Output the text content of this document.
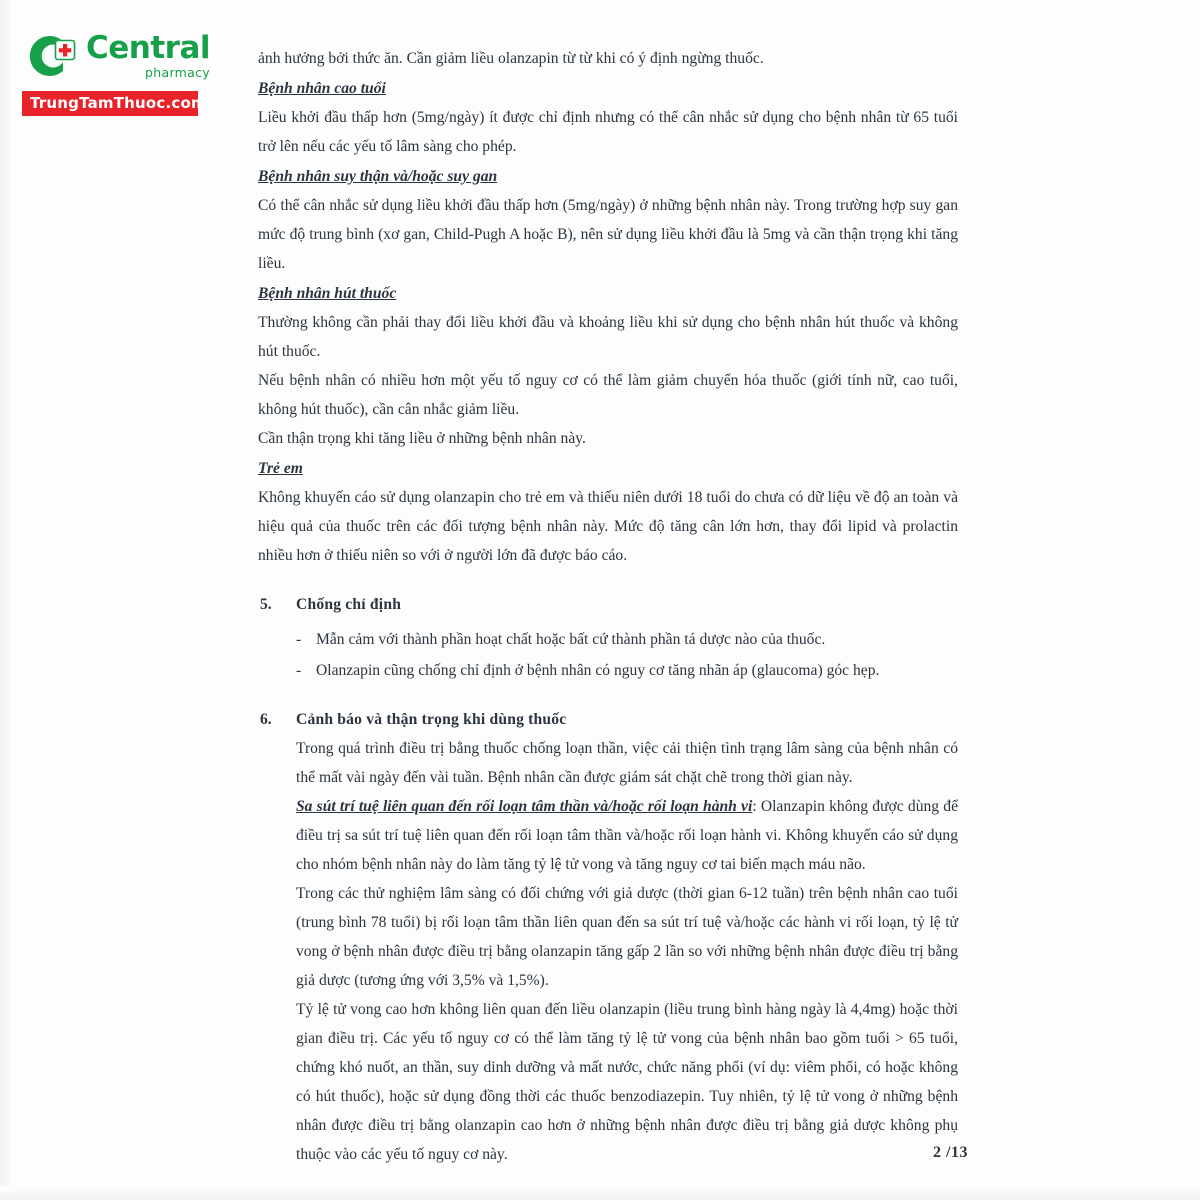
Central
pharmacy
TrungTamThuoc.com

ảnh hưởng bởi thức ăn. Cần giảm liều olanzapin từ từ khi có ý định ngừng thuốc.

Bệnh nhân cao tuổi

Liều khởi đầu thấp hơn (5mg/ngày) ít được chỉ định nhưng có thể cân nhắc sử dụng cho bệnh nhân từ 65 tuổi trở lên nếu các yếu tố lâm sàng cho phép.

Bệnh nhân suy thận và/hoặc suy gan

Có thể cân nhắc sử dụng liều khởi đầu thấp hơn (5mg/ngày) ở những bệnh nhân này. Trong trường hợp suy gan mức độ trung bình (xơ gan, Child-Pugh A hoặc B), nên sử dụng liều khởi đầu là 5mg và cần thận trọng khi tăng liều.

Bệnh nhân hút thuốc

Thường không cần phải thay đổi liều khởi đầu và khoảng liều khi sử dụng cho bệnh nhân hút thuốc và không hút thuốc.

Nếu bệnh nhân có nhiều hơn một yếu tố nguy cơ có thể làm giảm chuyển hóa thuốc (giới tính nữ, cao tuổi, không hút thuốc), cần cân nhắc giảm liều.

Cần thận trọng khi tăng liều ở những bệnh nhân này.

Trẻ em

Không khuyến cáo sử dụng olanzapin cho trẻ em và thiếu niên dưới 18 tuổi do chưa có dữ liệu về độ an toàn và hiệu quả của thuốc trên các đối tượng bệnh nhân này. Mức độ tăng cân lớn hơn, thay đổi lipid và prolactin nhiều hơn ở thiếu niên so với ở người lớn đã được báo cáo.

5.	Chống chỉ định
- Mẫn cảm với thành phần hoạt chất hoặc bất cứ thành phần tá dược nào của thuốc.
- Olanzapin cũng chống chỉ định ở bệnh nhân có nguy cơ tăng nhãn áp (glaucoma) góc hẹp.
6.	Cảnh báo và thận trọng khi dùng thuốc

Trong quá trình điều trị bằng thuốc chống loạn thần, việc cải thiện tình trạng lâm sàng của bệnh nhân có thể mất vài ngày đến vài tuần. Bệnh nhân cần được giám sát chặt chẽ trong thời gian này.

Sa sút trí tuệ liên quan đến rối loạn tâm thần và/hoặc rối loạn hành vi: Olanzapin không được dùng để điều trị sa sút trí tuệ liên quan đến rối loạn tâm thần và/hoặc rối loạn hành vi. Không khuyến cáo sử dụng cho nhóm bệnh nhân này do làm tăng tỷ lệ tử vong và tăng nguy cơ tai biến mạch máu não.

Trong các thử nghiệm lâm sàng có đối chứng với giả dược (thời gian 6-12 tuần) trên bệnh nhân cao tuổi (trung bình 78 tuổi) bị rối loạn tâm thần liên quan đến sa sút trí tuệ và/hoặc các hành vi rối loạn, tỷ lệ tử vong ở bệnh nhân được điều trị bằng olanzapin tăng gấp 2 lần so với những bệnh nhân được điều trị bằng giả dược (tương ứng với 3,5% và 1,5%).

Tỷ lệ tử vong cao hơn không liên quan đến liều olanzapin (liều trung bình hàng ngày là 4,4mg) hoặc thời gian điều trị. Các yếu tố nguy cơ có thể làm tăng tỷ lệ tử vong của bệnh nhân bao gồm tuổi > 65 tuổi, chứng khó nuốt, an thần, suy dinh dưỡng và mất nước, chức năng phổi (ví dụ: viêm phổi, có hoặc không có hút thuốc), hoặc sử dụng đồng thời các thuốc benzodiazepin. Tuy nhiên, tỷ lệ tử vong ở những bệnh nhân được điều trị bằng olanzapin cao hơn ở những bệnh nhân được điều trị bằng giả dược không phụ thuộc vào các yếu tố nguy cơ này.	2 /13
